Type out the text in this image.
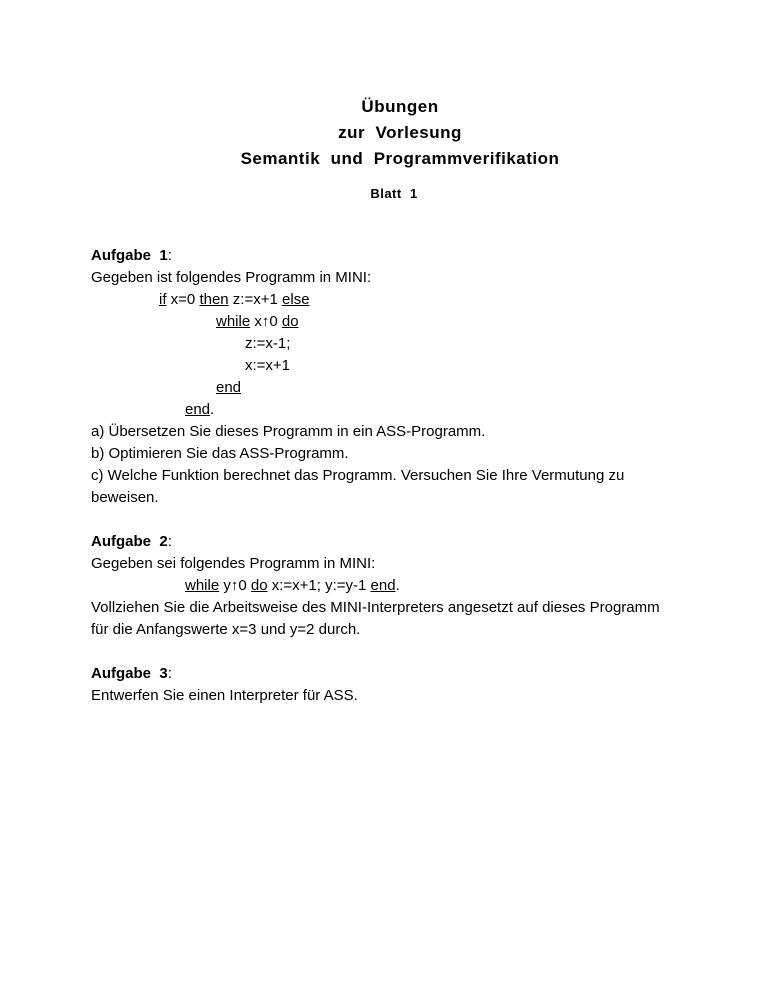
Übungen
zur  Vorlesung
Semantik  und  Programmverifikation
Blatt  1
Aufgabe  1:
Gegeben ist folgendes Programm in MINI:
if x=0 then z:=x+1 else
while x↑0 do
z:=x-1;
x:=x+1
end
end.
a) Übersetzen Sie dieses Programm in ein ASS-Programm.
b) Optimieren Sie das ASS-Programm.
c) Welche Funktion berechnet das Programm. Versuchen Sie Ihre Vermutung zu
beweisen.
Aufgabe  2:
Gegeben sei folgendes Programm in MINI:
while y↑0 do x:=x+1; y:=y-1 end.
Vollziehen Sie die Arbeitsweise des MINI-Interpreters angesetzt auf dieses Programm
für die Anfangswerte x=3 und y=2 durch.
Aufgabe  3:
Entwerfen Sie einen Interpreter für ASS.
